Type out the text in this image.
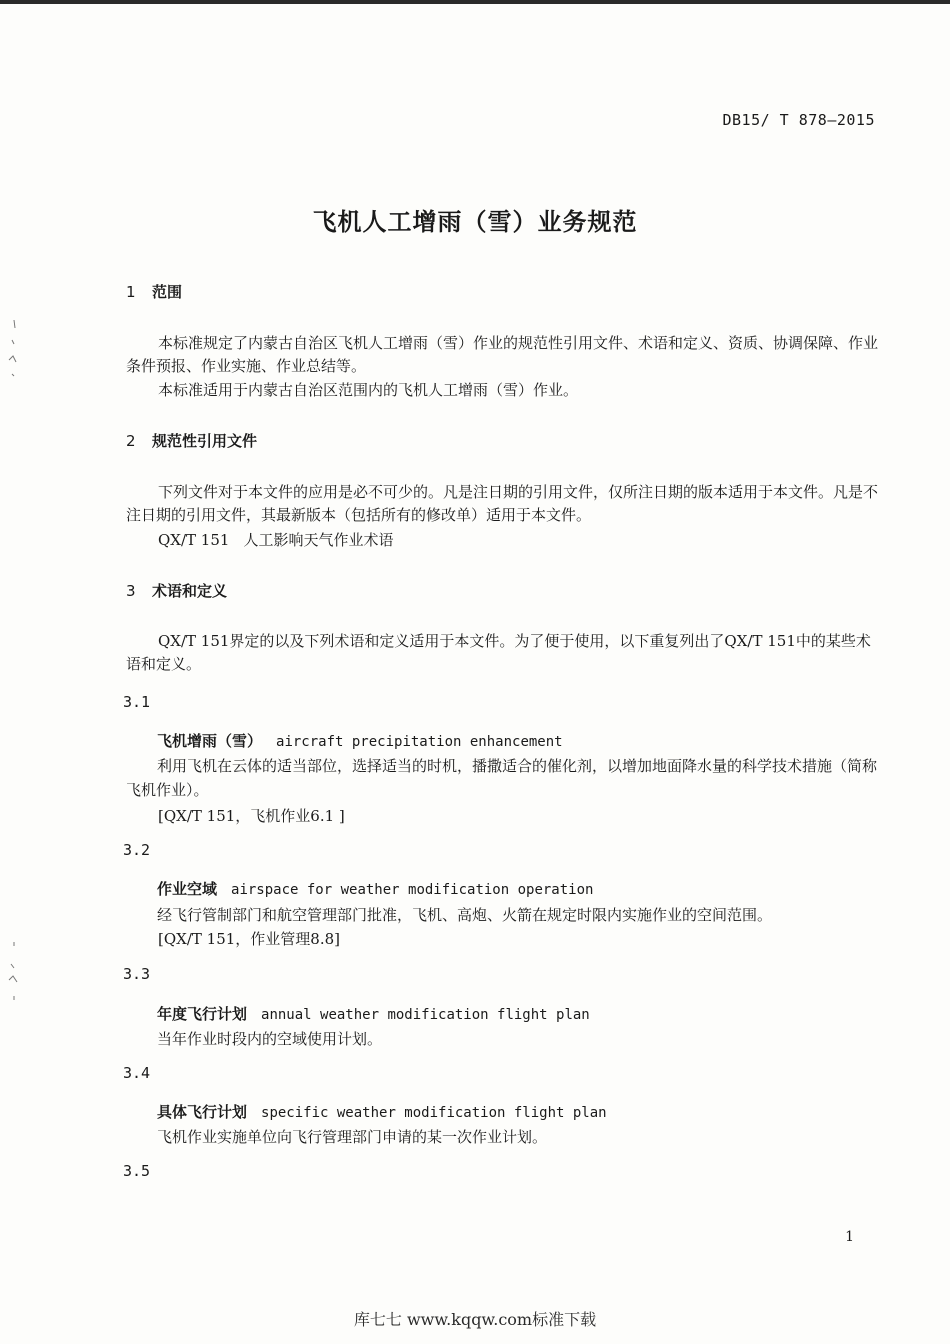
DB15/ T 878—2015
飞机人工增雨（雪）业务规范
1 范围
本标准规定了内蒙古自治区飞机人工增雨（雪）作业的规范性引用文件、术语和定义、资质、协调保障、作业条件预报、作业实施、作业总结等。
本标准适用于内蒙古自治区范围内的飞机人工增雨（雪）作业。
2 规范性引用文件
下列文件对于本文件的应用是必不可少的。凡是注日期的引用文件，仅所注日期的版本适用于本文件。凡是不注日期的引用文件，其最新版本（包括所有的修改单）适用于本文件。
QX/T 151 人工影响天气作业术语
3 术语和定义
QX/T 151界定的以及下列术语和定义适用于本文件。为了便于使用，以下重复列出了QX/T 151中的某些术语和定义。
3.1
飞机增雨（雪） aircraft precipitation enhancement
利用飞机在云体的适当部位，选择适当的时机，播撒适合的催化剂，以增加地面降水量的科学技术措施（简称飞机作业）。
[QX/T 151，飞机作业6.1 ]
3.2
作业空域 airspace for weather modification operation
经飞行管制部门和航空管理部门批准，飞机、高炮、火箭在规定时限内实施作业的空间范围。
[QX/T 151，作业管理8.8]
3.3
年度飞行计划 annual weather modification flight plan
当年作业时段内的空域使用计划。
3.4
具体飞行计划 specific weather modification flight plan
飞机作业实施单位向飞行管理部门申请的某一次作业计划。
3.5
1
库七七 www.kqqw.com标准下载
